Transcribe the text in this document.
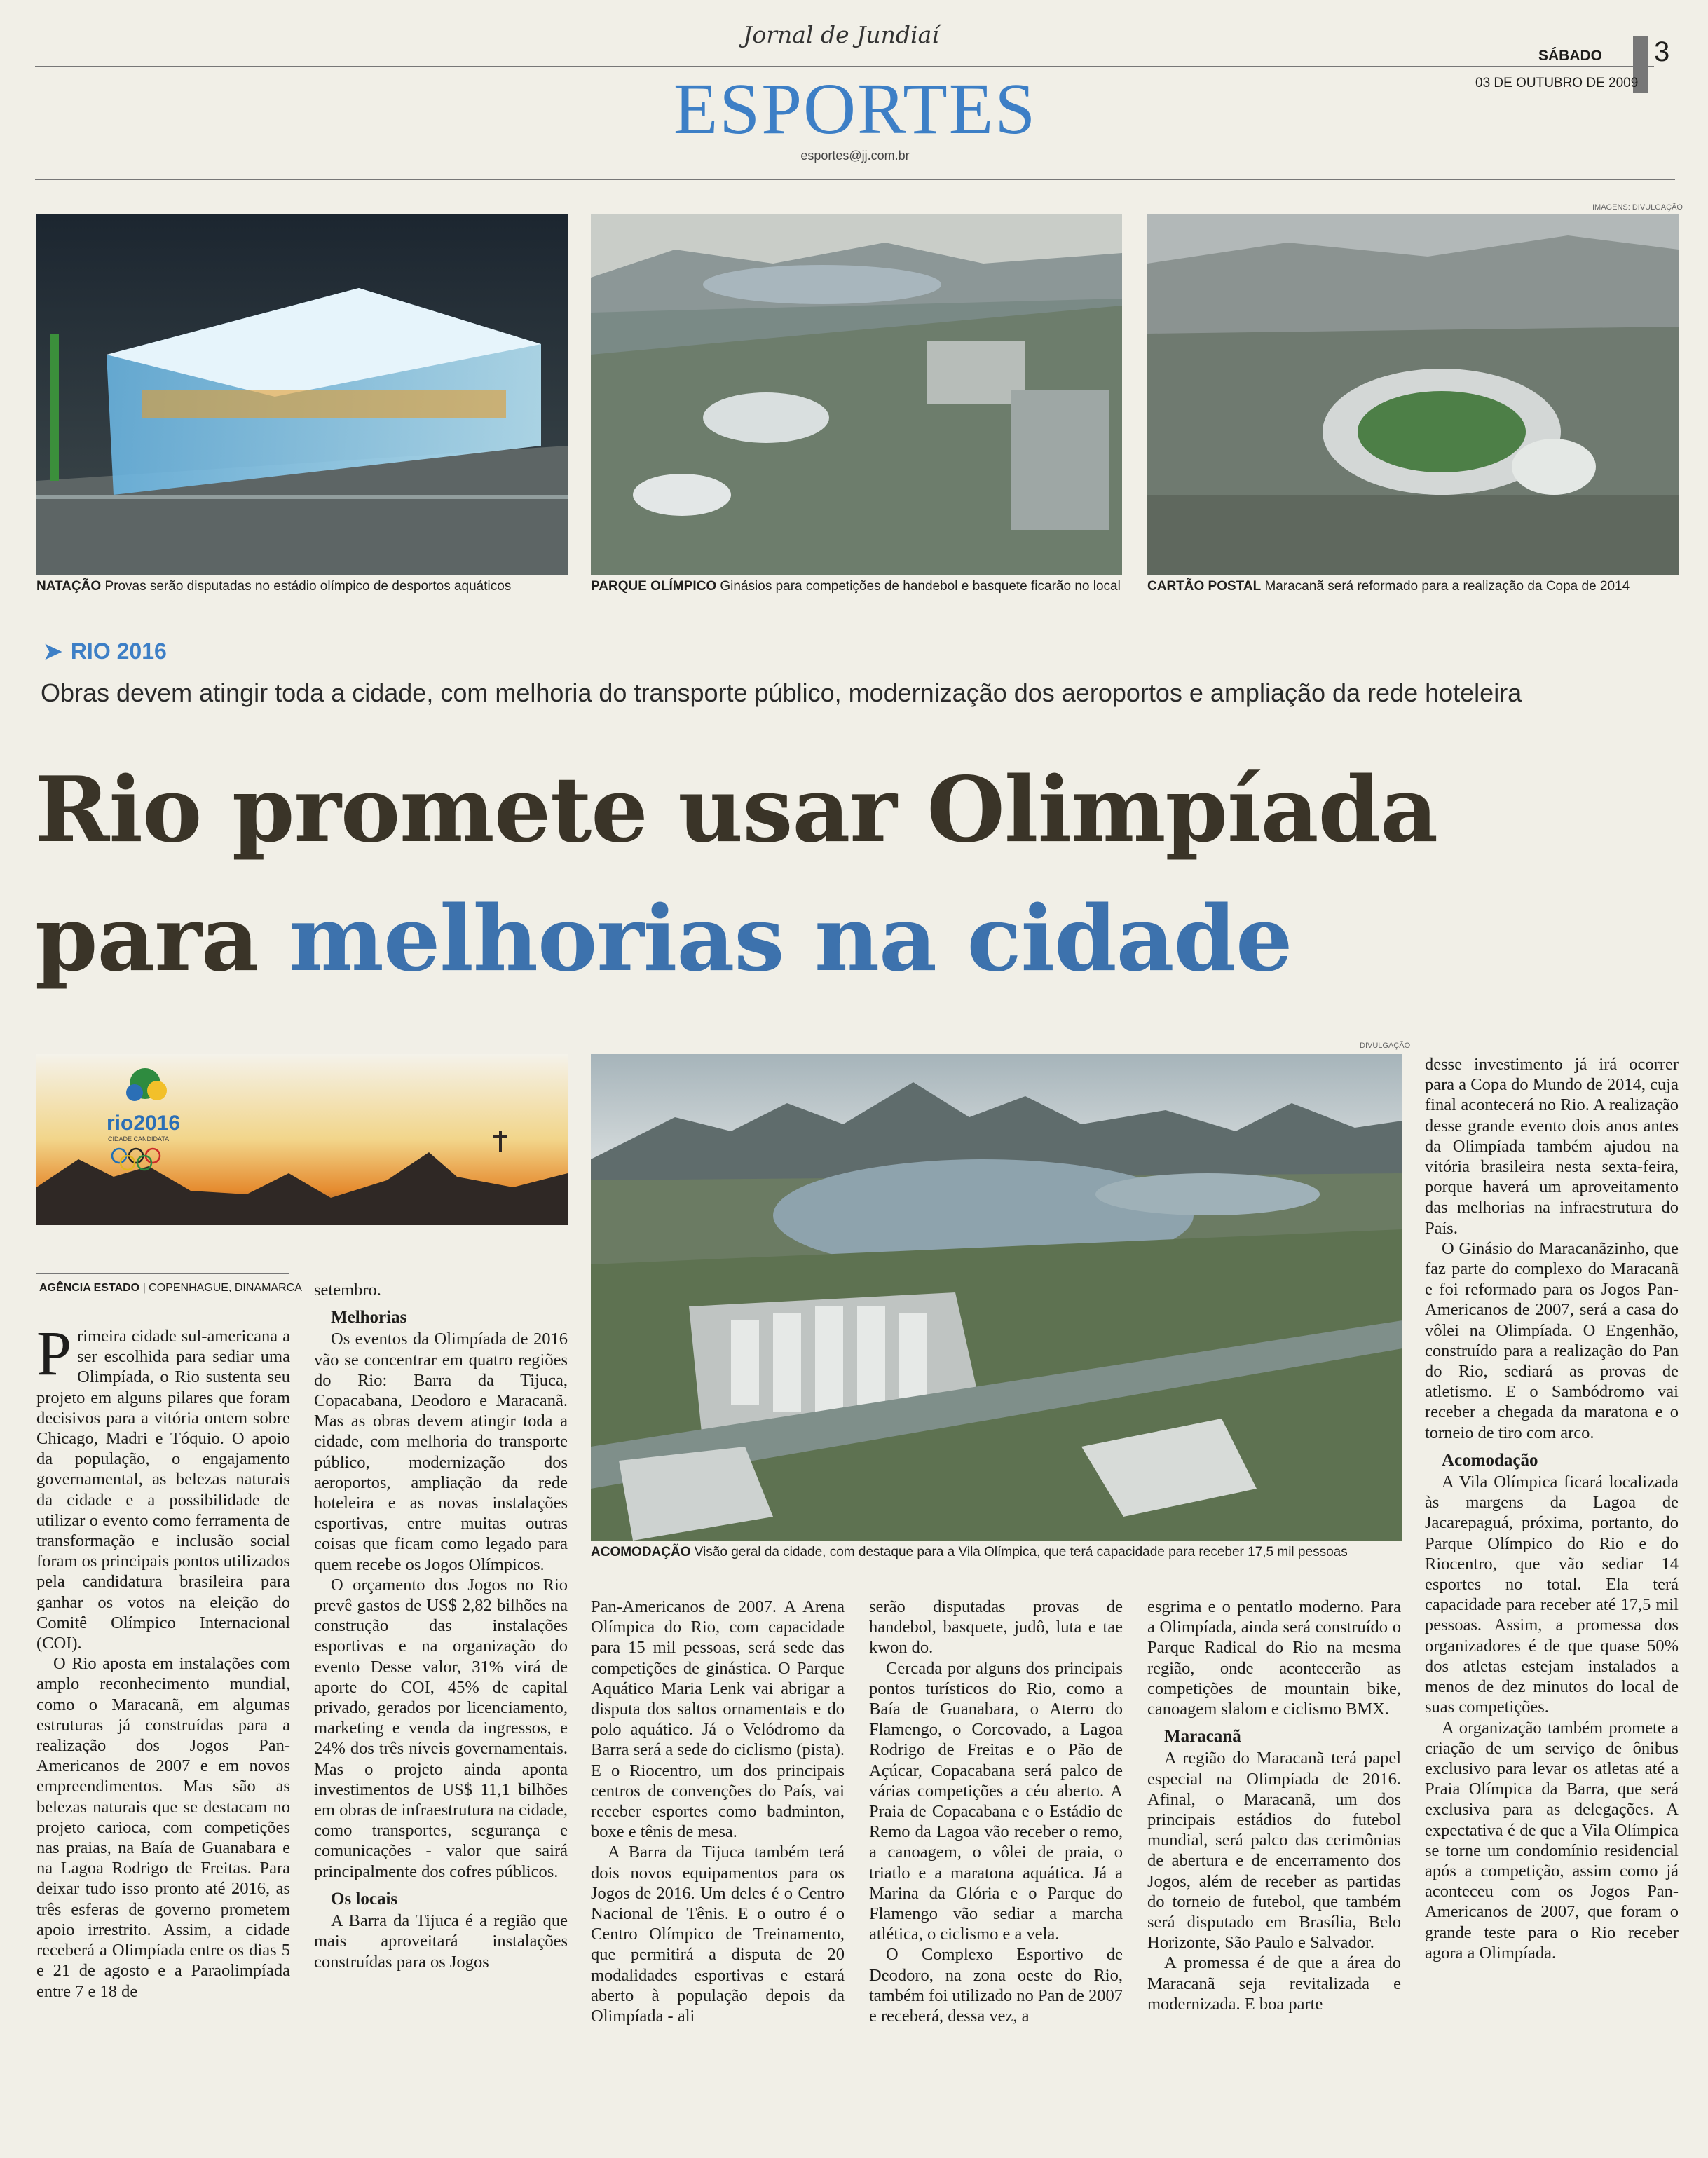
Jornal de Jundiaí
ESPORTES
esportes@jj.com.br
SÁBADO 3
03 DE OUTUBRO DE 2009
IMAGENS: DIVULGAÇÃO
NATAÇÃO Provas serão disputadas no estádio olímpico de desportos aquáticos	PARQUE OLÍMPICO Ginásios para competições de handebol e basquete ficarão no local CARTÃO POSTAL Maracanã será reformado para a realização da Copa de 2014
➤ RIO 2016
Obras devem atingir toda a cidade, com melhoria do transporte público, modernização dos aeroportos e ampliação da rede hoteleira
Rio promete usar Olimpíada
para melhorias na cidade
rio2016
CIDADE CANDIDATA
AGÊNCIA ESTADO | COPENHAGUE, DINAMARCA
DIVULGAÇÃO
ACOMODAÇÃO Visão geral da cidade, com destaque para a Vila Olímpica, que terá capacidade para receber 17,5 mil pessoas

Primeira cidade sul-americana a ser escolhida para sediar uma Olimpíada, o Rio sustenta seu projeto em alguns pilares que foram decisivos para a vitória ontem sobre Chicago, Madri e Tóquio. O apoio da população, o engajamento governamental, as belezas naturais da cidade e a possibilidade de utilizar o evento como ferramenta de transformação e inclusão social foram os principais pontos utilizados pela candidatura brasileira para ganhar os votos na eleição do Comitê Olímpico Internacional (COI).

O Rio aposta em instalações com amplo reconhecimento mundial, como o Maracanã, em algumas estruturas já construídas para a realização dos Jogos Pan-Americanos de 2007 e em novos empreendimentos. Mas são as belezas naturais que se destacam no projeto carioca, com competições nas praias, na Baía de Guanabara e na Lagoa Rodrigo de Freitas. Para deixar tudo isso pronto até 2016, as três esferas de governo prometem apoio irrestrito. Assim, a cidade receberá a Olimpíada entre os dias 5 e 21 de agosto e a Paraolimpíada entre 7 e 18 de

setembro.

Melhorias

Os eventos da Olimpíada de 2016 vão se concentrar em quatro regiões do Rio: Barra da Tijuca, Copacabana, Deodoro e Maracanã. Mas as obras devem atingir toda a cidade, com melhoria do transporte público, modernização dos aeroportos, ampliação da rede hoteleira e as novas instalações esportivas, entre muitas outras coisas que ficam como legado para quem recebe os Jogos Olímpicos.

O orçamento dos Jogos no Rio prevê gastos de US$ 2,82 bilhões na construção das instalações esportivas e na organização do evento Desse valor, 31% virá de aporte do COI, 45% de capital privado, gerados por licenciamento, marketing e venda da ingressos, e 24% dos três níveis governamentais. Mas o projeto ainda aponta investimentos de US$ 11,1 bilhões em obras de infraestrutura na cidade, como transportes, segurança e comunicações - valor que sairá principalmente dos cofres públicos.

Os locais

A Barra da Tijuca é a região que mais aproveitará instalações construídas para os Jogos

Pan-Americanos de 2007. A Arena Olímpica do Rio, com capacidade para 15 mil pessoas, será sede das competições de ginástica. O Parque Aquático Maria Lenk vai abrigar a disputa dos saltos ornamentais e do polo aquático. Já o Velódromo da Barra será a sede do ciclismo (pista). E o Riocentro, um dos principais centros de convenções do País, vai receber esportes como badminton, boxe e tênis de mesa.

A Barra da Tijuca também terá dois novos equipamentos para os Jogos de 2016. Um deles é o Centro Nacional de Tênis. E o outro é o Centro Olímpico de Treinamento, que permitirá a disputa de 20 modalidades esportivas e estará aberto à população depois da Olimpíada - ali

serão disputadas provas de handebol, basquete, judô, luta e tae kwon do.

Cercada por alguns dos principais pontos turísticos do Rio, como a Baía de Guanabara, o Aterro do Flamengo, o Corcovado, a Lagoa Rodrigo de Freitas e o Pão de Açúcar, Copacabana será palco de várias competições a céu aberto. A Praia de Copacabana e o Estádio de Remo da Lagoa vão receber o remo, a canoagem, o vôlei de praia, o triatlo e a maratona aquática. Já a Marina da Glória e o Parque do Flamengo vão sediar a marcha atlética, o ciclismo e a vela.

O Complexo Esportivo de Deodoro, na zona oeste do Rio, também foi utilizado no Pan de 2007 e receberá, dessa vez, a

esgrima e o pentatlo moderno. Para a Olimpíada, ainda será construído o Parque Radical do Rio na mesma região, onde acontecerão as competições de mountain bike, canoagem slalom e ciclismo BMX.

Maracanã

A região do Maracanã terá papel especial na Olimpíada de 2016. Afinal, o Maracanã, um dos principais estádios do futebol mundial, será palco das cerimônias de abertura e de encerramento dos Jogos, além de receber as partidas do torneio de futebol, que também será disputado em Brasília, Belo Horizonte, São Paulo e Salvador.

A promessa é de que a área do Maracanã seja revitalizada e modernizada. E boa parte

desse investimento já irá ocorrer para a Copa do Mundo de 2014, cuja final acontecerá no Rio. A realização desse grande evento dois anos antes da Olimpíada também ajudou na vitória brasileira nesta sexta-feira, porque haverá um aproveitamento das melhorias na infraestrutura do País.

O Ginásio do Maracanãzinho, que faz parte do complexo do Maracanã e foi reformado para os Jogos Pan-Americanos de 2007, será a casa do vôlei na Olimpíada. O Engenhão, construído para a realização do Pan do Rio, sediará as provas de atletismo. E o Sambódromo vai receber a chegada da maratona e o torneio de tiro com arco.

Acomodação

A Vila Olímpica ficará localizada às margens da Lagoa de Jacarepaguá, próxima, portanto, do Parque Olímpico do Rio e do Riocentro, que vão sediar 14 esportes no total. Ela terá capacidade para receber até 17,5 mil pessoas. Assim, a promessa dos organizadores é de que quase 50% dos atletas estejam instalados a menos de dez minutos do local de suas competições.

A organização também promete a criação de um serviço de ônibus exclusivo para levar os atletas até a Praia Olímpica da Barra, que será exclusiva para as delegações. A expectativa é de que a Vila Olímpica se torne um condomínio residencial após a competição, assim como já aconteceu com os Jogos Pan-Americanos de 2007, que foram o grande teste para o Rio receber agora a Olimpíada.
